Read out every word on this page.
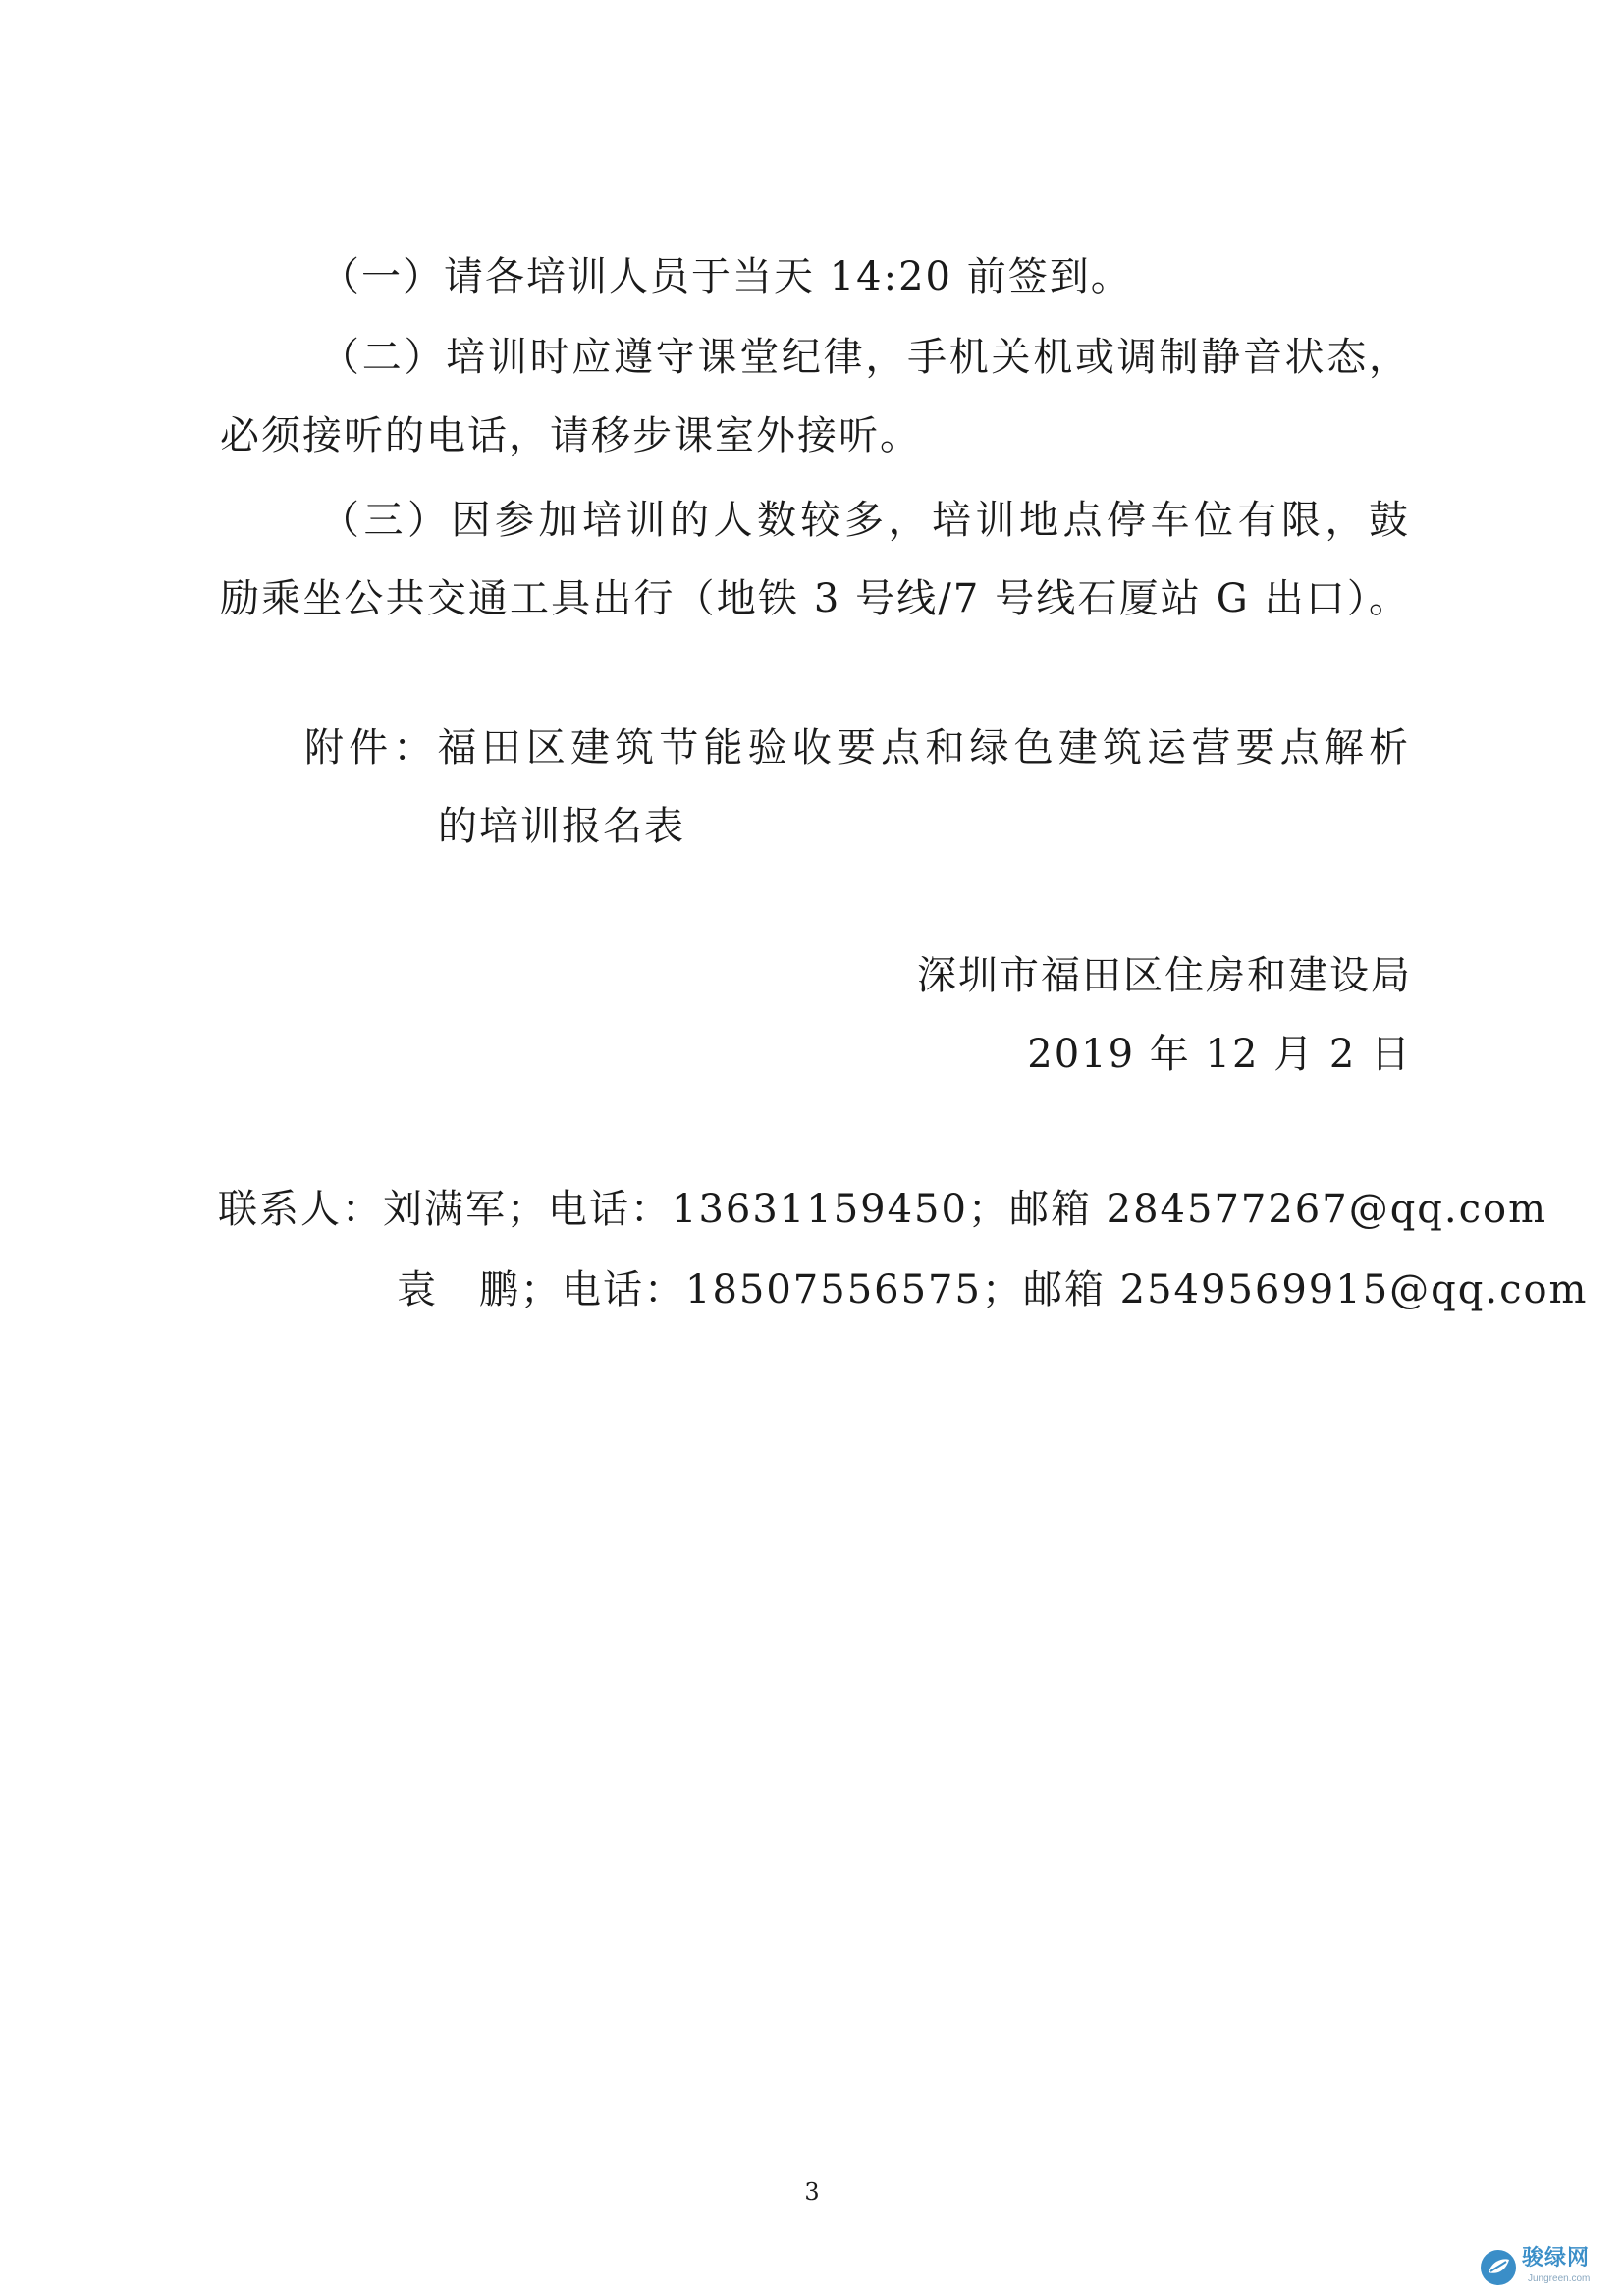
（一）请各培训人员于当天 14:20 前签到。
（二）培训时应遵守课堂纪律，手机关机或调制静音状态，
必须接听的电话，请移步课室外接听。
（三）因参加培训的人数较多，培训地点停车位有限，鼓
励乘坐公共交通工具出行（地铁 3 号线/7 号线石厦站 G 出口）。
附件：福田区建筑节能验收要点和绿色建筑运营要点解析
的培训报名表
深圳市福田区住房和建设局
2019 年 12 月 2 日
联系人：刘满军；电话：13631159450；邮箱 284577267@qq.com
袁　鹏；电话：18507556575；邮箱 2549569915@qq.com
3
骏绿网
Jungreen.com
